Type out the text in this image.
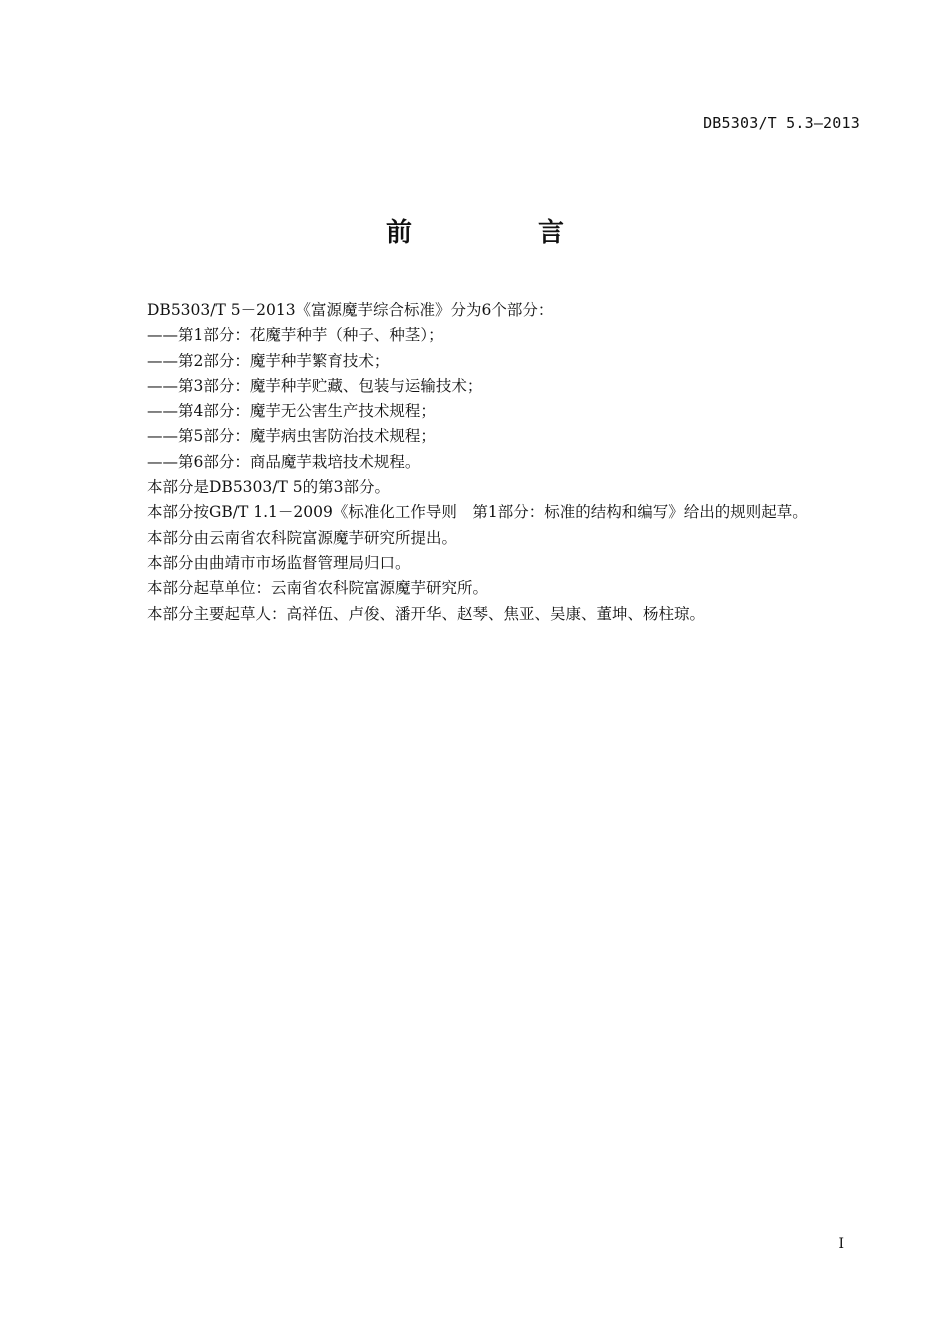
DB5303/T 5.3—2013
前　言

DB5303/T 5－2013《富源魔芋综合标准》分为6个部分：

——第1部分：花魔芋种芋（种子、种茎）；

——第2部分：魔芋种芋繁育技术；

——第3部分：魔芋种芋贮藏、包装与运输技术；

——第4部分：魔芋无公害生产技术规程；

——第5部分：魔芋病虫害防治技术规程；

——第6部分：商品魔芋栽培技术规程。

本部分是DB5303/T 5的第3部分。

本部分按GB/T 1.1－2009《标准化工作导则　第1部分：标准的结构和编写》给出的规则起草。

本部分由云南省农科院富源魔芋研究所提出。

本部分由曲靖市市场监督管理局归口。

本部分起草单位：云南省农科院富源魔芋研究所。

本部分主要起草人：高祥伍、卢俊、潘开华、赵琴、焦亚、吴康、董坤、杨柱琼。

I
